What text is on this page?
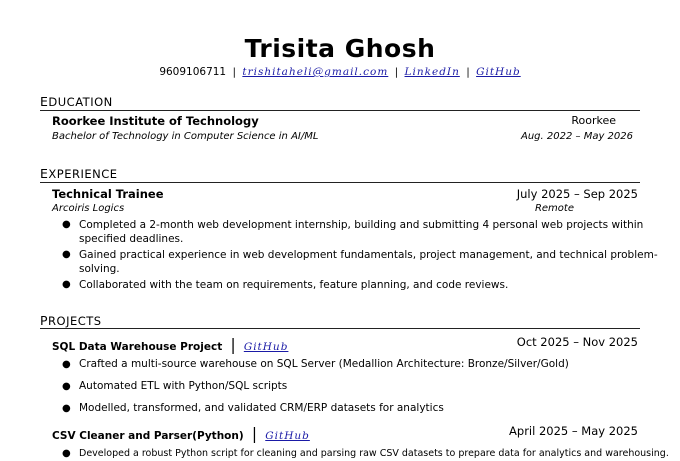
Trisita Ghosh
9609106711 | trishitaheli@gmail.com | LinkedIn | GitHub
EDUCATION
Roorkee Institute of Technology	Roorkee
Bachelor of Technology in Computer Science in AI/ML	Aug. 2022 – May 2026
EXPERIENCE
Technical Trainee	July 2025 – Sep 2025
Arcoiris Logics	Remote
● Completed a 2-month web development internship, building and submitting 4 personal web projects within
specified deadlines.
● Gained practical experience in web development fundamentals, project management, and technical problem-
solving.
● Collaborated with the team on requirements, feature planning, and code reviews.
PROJECTS
SQL Data Warehouse Project | GitHub	Oct 2025 – Nov 2025
● Crafted a multi-source warehouse on SQL Server (Medallion Architecture: Bronze/Silver/Gold)
● Automated ETL with Python/SQL scripts
● Modelled, transformed, and validated CRM/ERP datasets for analytics
CSV Cleaner and Parser(Python) | GitHub	April 2025 – May 2025
● Developed a robust Python script for cleaning and parsing raw CSV datasets to prepare data for analytics and warehousing.
